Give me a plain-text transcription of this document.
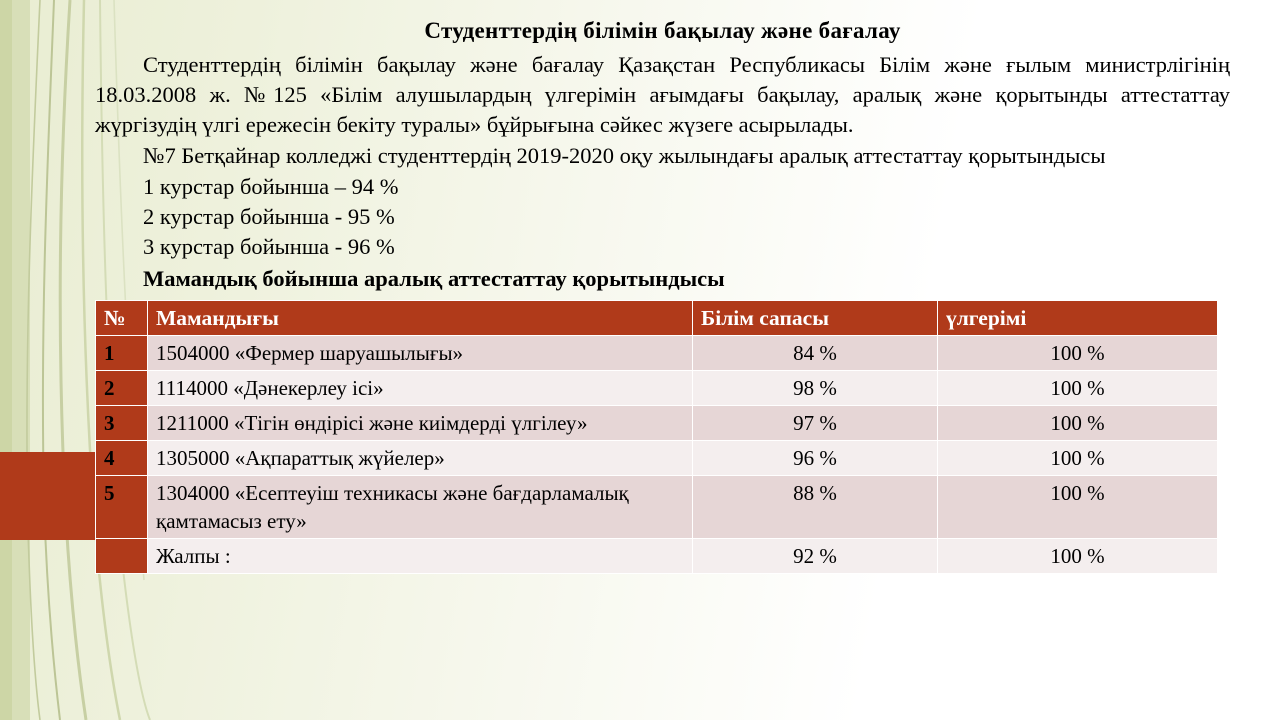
Студенттердің білімін бақылау және бағалау

Студенттердің білімін бақылау және бағалау Қазақстан Республикасы Білім және ғылым министрлігінің 18.03.2008 ж. №125 «Білім алушылардың үлгерімін ағымдағы бақылау, аралық және қорытынды аттестаттау жүргізудің үлгі ережесін бекіту туралы» бұйрығына сәйкес жүзеге асырылады.

№7 Бетқайнар колледжі студенттердің 2019-2020 оқу жылындағы аралық аттестаттау қорытындысы

1 курстар бойынша – 94 %

2 курстар бойынша - 95 %

3 курстар бойынша - 96 %

Мамандық бойынша аралық аттестаттау қорытындысы

№	Мамандығы	Білім сапасы	үлгерімі
1	1504000 «Фермер шаруашылығы»	84 %	100 %
2	1114000 «Дәнекерлеу ісі»	98 %	100 %
3	1211000 «Тігін өндірісі және киімдерді үлгілеу»	97 %	100 %
4	1305000 «Ақпараттық жүйелер»	96 %	100 %
5	1304000 «Есептеуіш техникасы және бағдарламалық қамтамасыз ету»	88 %	100 %
	Жалпы :	92 %	100 %
